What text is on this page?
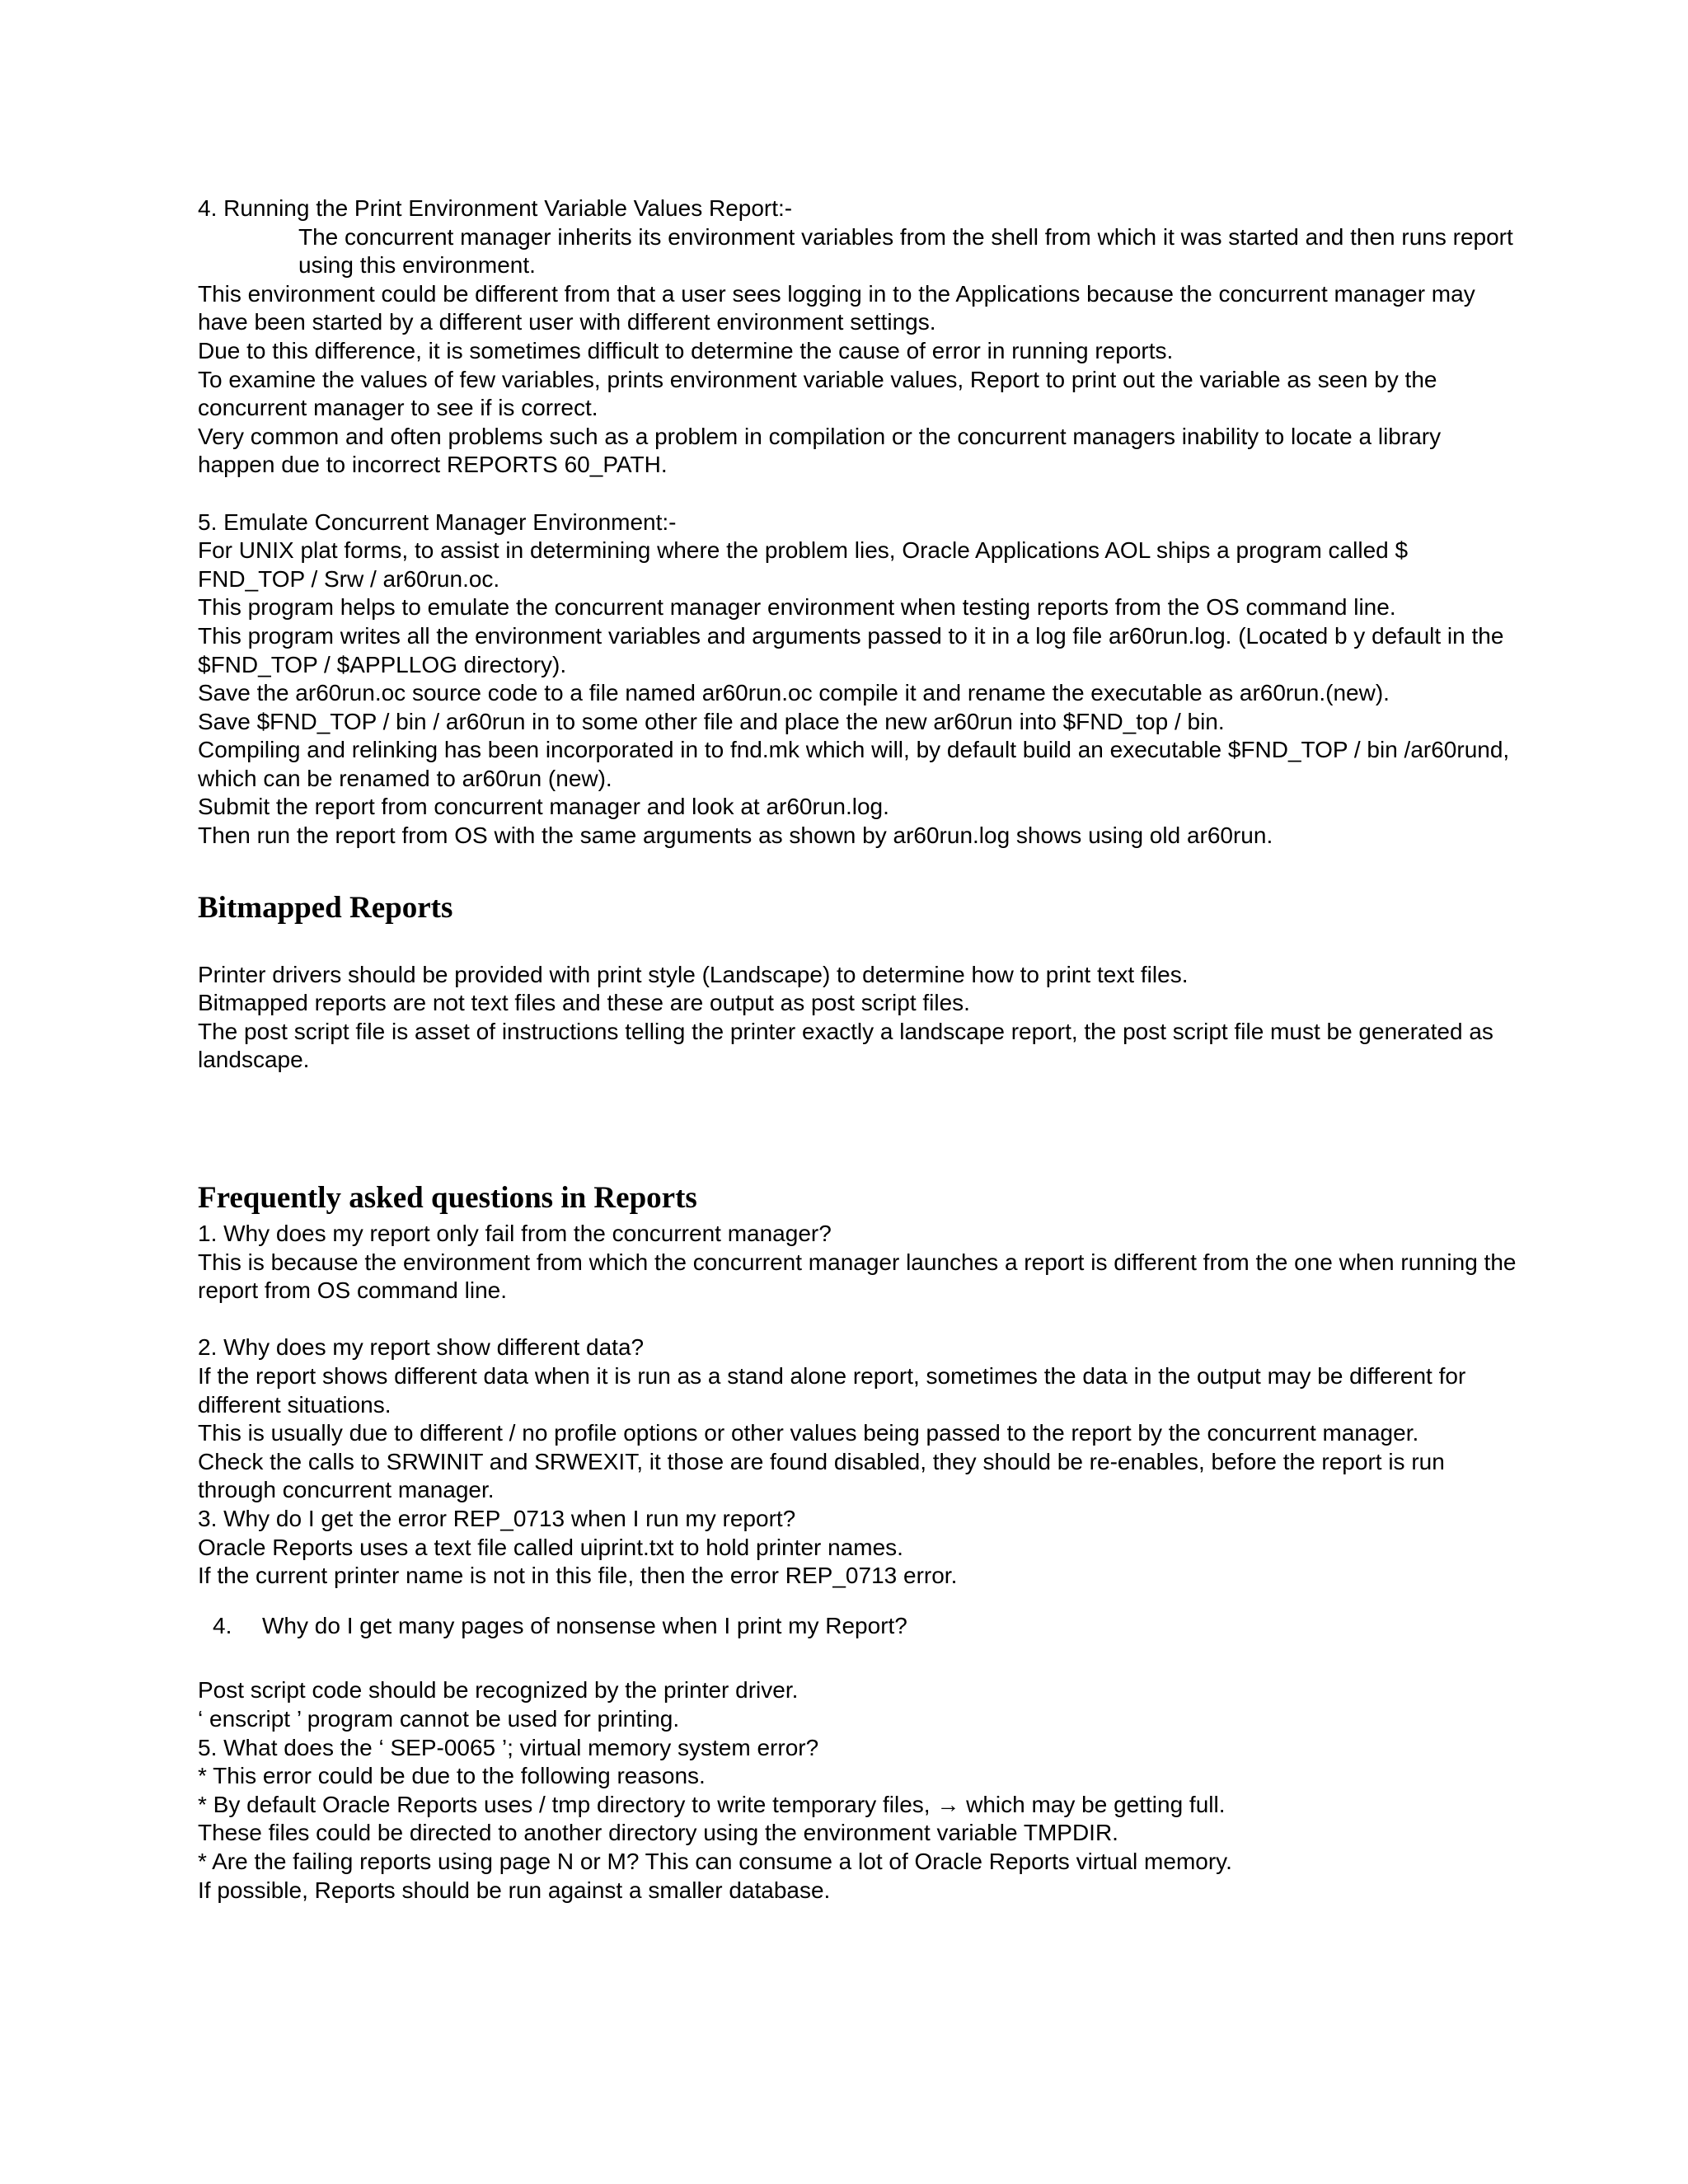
4. Running the Print Environment Variable Values Report:-

The concurrent manager inherits its environment variables from the shell from which it was started and then runs report using this environment.

This environment could be different from that a user sees logging in to the Applications because the concurrent manager may have been started by a different user with different environment settings.

Due to this difference, it is sometimes difficult to determine the cause of error in running reports.

To examine the values of few variables, prints environment variable values, Report to print out the variable as seen by the concurrent manager to see if is correct.

Very common and often problems such as a problem in compilation or the concurrent managers inability to locate a library happen due to incorrect REPORTS 60_PATH.

5. Emulate Concurrent Manager Environment:-

For UNIX plat forms, to assist in determining where the problem lies, Oracle Applications AOL ships a program called $ FND_TOP / Srw / ar60run.oc.

This program helps to emulate the concurrent manager environment when testing reports from the OS command line.

This program writes all the environment variables and arguments passed to it in a log file ar60run.log. (Located b y default in the $FND_TOP / $APPLLOG directory).

Save the ar60run.oc source code to a file named ar60run.oc compile it and rename the executable as ar60run.(new).

Save $FND_TOP / bin / ar60run in to some other file and place the new ar60run into $FND_top / bin.

Compiling and relinking has been incorporated in to fnd.mk which will, by default build an executable $FND_TOP / bin /ar60rund, which can be renamed to ar60run (new).

Submit the report from concurrent manager and look at ar60run.log.

Then run the report from OS with the same arguments as shown by ar60run.log shows using old ar60run.

Bitmapped Reports

Printer drivers should be provided with print style (Landscape) to determine how to print text files.

Bitmapped reports are not text files and these are output as post script files.

The post script file is asset of instructions telling the printer exactly a landscape report, the post script file must be generated as landscape.

Frequently asked questions in Reports

1. Why does my report only fail from the concurrent manager?

This is because the environment from which the concurrent manager launches a report is different from the one when running the report from OS command line.

2. Why does my report show different data?

If the report shows different data when it is run as a stand alone report, sometimes the data in the output may be different for different situations.

This is usually due to different / no profile options or other values being passed to the report by the concurrent manager.

Check the calls to SRWINIT and SRWEXIT, it those are found disabled, they should be re-enables, before the report is run through concurrent manager.

3. Why do I get the error REP_0713 when I run my report?

Oracle Reports uses a text file called uiprint.txt to hold printer names.

If the current printer name is not in this file, then the error REP_0713 error.

4. Why do I get many pages of nonsense when I print my Report?

Post script code should be recognized by the printer driver.

‘ enscript ’ program cannot be used for printing.

5. What does the ‘ SEP-0065 ’; virtual memory system error?

* This error could be due to the following reasons.

* By default Oracle Reports uses / tmp directory to write temporary files, → which may be getting full.

These files could be directed to another directory using the environment variable TMPDIR.

* Are the failing reports using page N or M? This can consume a lot of Oracle Reports virtual memory.

If possible, Reports should be run against a smaller database.
